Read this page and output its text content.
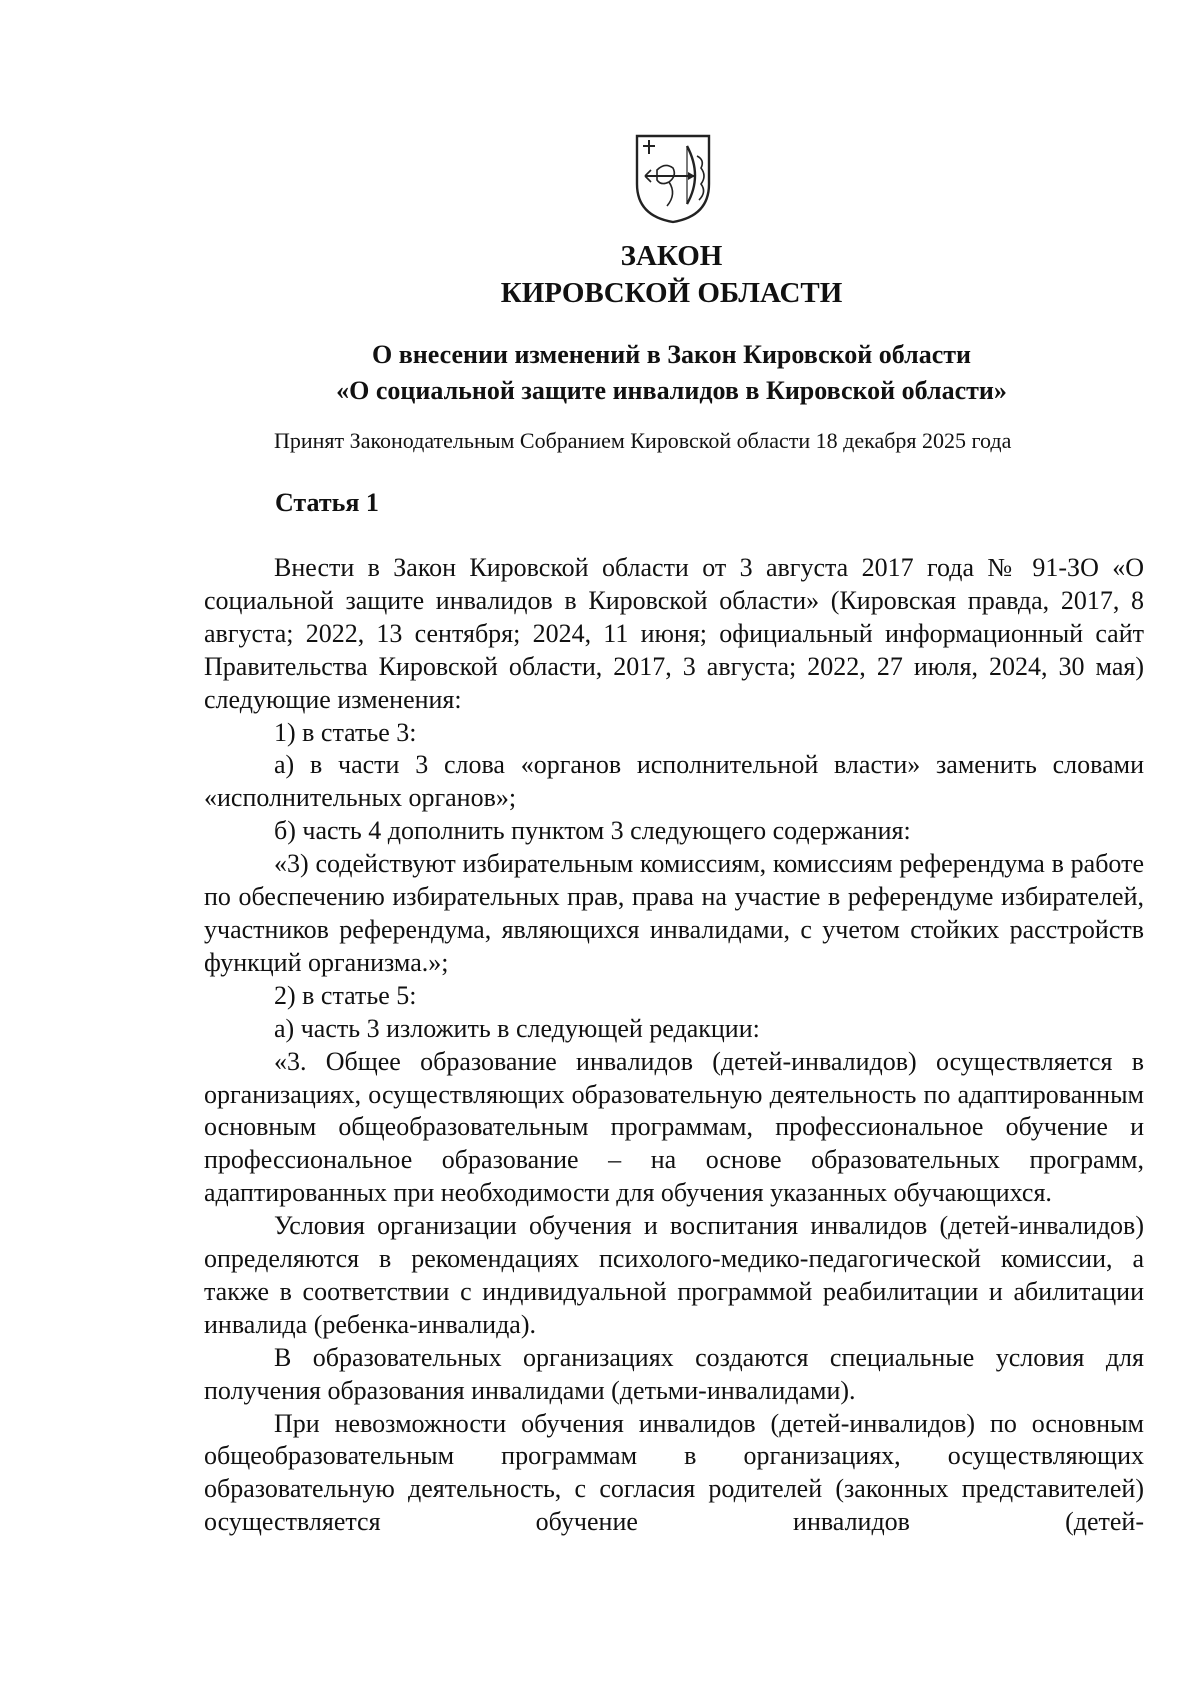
ЗАКОН
КИРОВСКОЙ ОБЛАСТИ
О внесении изменений в Закон Кировской области
«О социальной защите инвалидов в Кировской области»
Принят Законодательным Собранием Кировской области 18 декабря 2025 года
Статья 1

Внести в Закон Кировской области от 3 августа 2017 года № 91-ЗО «О социальной защите инвалидов в Кировской области» (Кировская правда, 2017, 8 августа; 2022, 13 сентября; 2024, 11 июня; официальный информационный сайт Правительства Кировской области, 2017, 3 августа; 2022, 27 июля, 2024, 30 мая) следующие изменения:

1) в статье 3:

а) в части 3 слова «органов исполнительной власти» заменить словами «исполнительных органов»;

б) часть 4 дополнить пунктом 3 следующего содержания:

«3) содействуют избирательным комиссиям, комиссиям референдума в работе по обеспечению избирательных прав, права на участие в референдуме избирателей, участников референдума, являющихся инвалидами, с учетом стойких расстройств функций организма.»;

2) в статье 5:

а) часть 3 изложить в следующей редакции:

«3. Общее образование инвалидов (детей-инвалидов) осуществляется в организациях, осуществляющих образовательную деятельность по адаптированным основным общеобразовательным программам, профессиональное обучение и профессиональное образование – на основе образовательных программ, адаптированных при необходимости для обучения указанных обучающихся.

Условия организации обучения и воспитания инвалидов (детей-инвалидов) определяются в рекомендациях психолого-медико-педагогической комиссии, а также в соответствии с индивидуальной программой реабилитации и абилитации инвалида (ребенка-инвалида).

В образовательных организациях создаются специальные условия для получения образования инвалидами (детьми-инвалидами).

При невозможности обучения инвалидов (детей-инвалидов) по основным общеобразовательным программам в организациях, осуществляющих образовательную деятельность, с согласия родителей (законных представителей) осуществляется обучение инвалидов (детей-
